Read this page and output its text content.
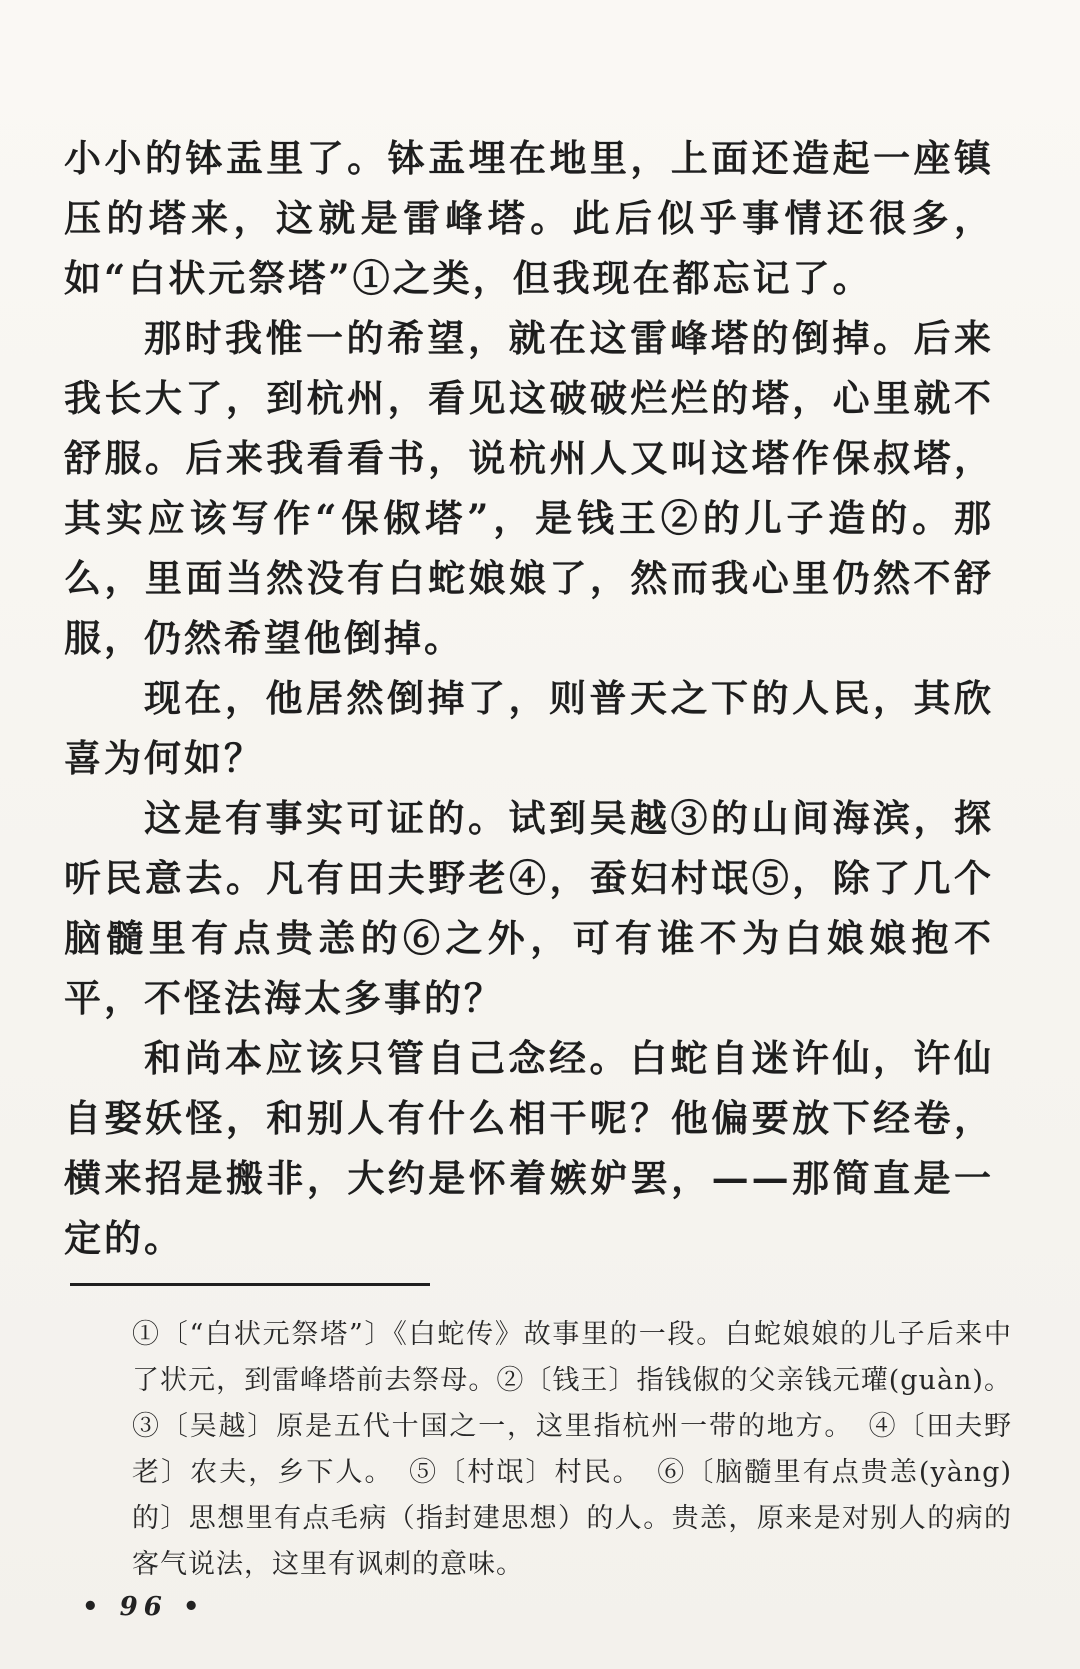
小小的钵盂里了。钵盂埋在地里，上面还造起一座镇压的塔来，这就是雷峰塔。此后似乎事情还很多，如“白状元祭塔”①之类，但我现在都忘记了。

那时我惟一的希望，就在这雷峰塔的倒掉。后来我长大了，到杭州，看见这破破烂烂的塔，心里就不舒服。后来我看看书，说杭州人又叫这塔作保叔塔，其实应该写作“保俶塔”，是钱王②的儿子造的。那么，里面当然没有白蛇娘娘了，然而我心里仍然不舒服，仍然希望他倒掉。

现在，他居然倒掉了，则普天之下的人民，其欣喜为何如？

这是有事实可证的。试到吴越③的山间海滨，探听民意去。凡有田夫野老④，蚕妇村氓⑤，除了几个脑髓里有点贵恙的⑥之外，可有谁不为白娘娘抱不平，不怪法海太多事的？

和尚本应该只管自己念经。白蛇自迷许仙，许仙自娶妖怪，和别人有什么相干呢？他偏要放下经卷，横来招是搬非，大约是怀着嫉妒罢，——那简直是一定的。

①〔“白状元祭塔”〕《白蛇传》故事里的一段。白蛇娘娘的儿子后来中了状元，到雷峰塔前去祭母。②〔钱王〕指钱俶的父亲钱元瓘(guàn)。③〔吴越〕原是五代十国之一，这里指杭州一带的地方。　④〔田夫野老〕农夫，乡下人。　⑤〔村氓〕村民。　⑥〔脑髓里有点贵恙(yàng)的〕思想里有点毛病（指封建思想）的人。贵恙，原来是对别人的病的客气说法，这里有讽刺的意味。

• 96 •
